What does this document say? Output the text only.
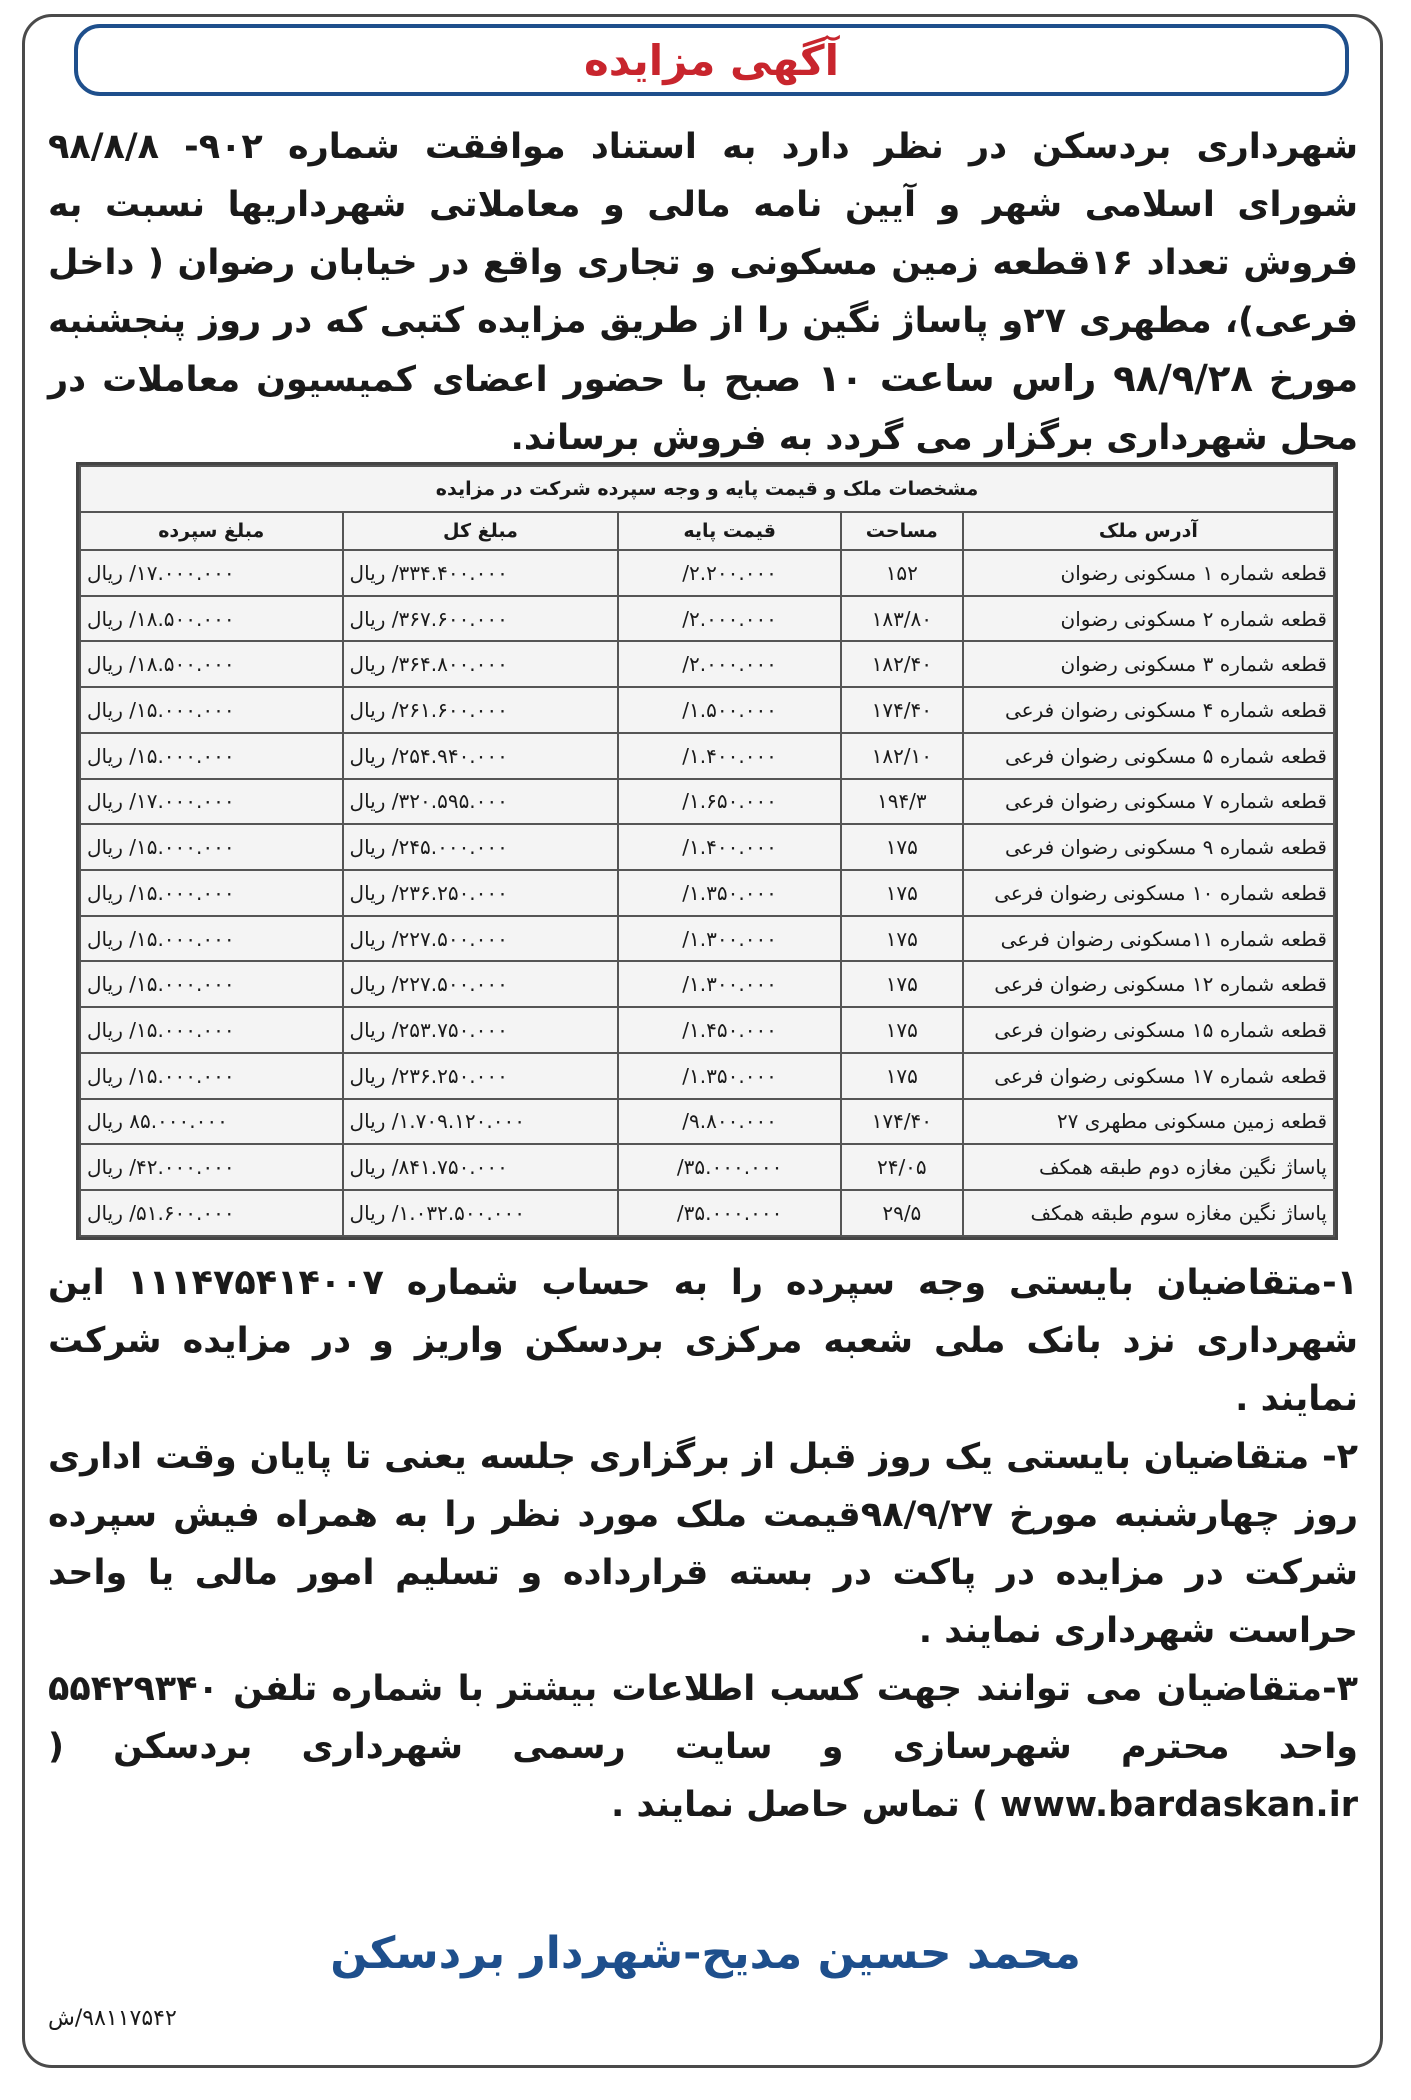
آگهی مزایده
شهرداری بردسکن در نظر دارد به استناد موافقت شماره ۹۰۲- ۹۸/۸/۸ شورای اسلامی شهر و آیین نامه مالی و معاملاتی شهرداریها نسبت به فروش تعداد ۱۶قطعه زمین مسکونی و تجاری واقع در خیابان رضوان ( داخل فرعی)، مطهری ۲۷و پاساژ نگین را از طریق مزایده کتبی که در روز پنجشنبه مورخ ۹۸/۹/۲۸ راس ساعت ۱۰ صبح با حضور اعضای کمیسیون معاملات در محل شهرداری برگزار می گردد به فروش برساند.
مشخصات ملک و قیمت پایه و وجه سپرده شرکت در مزایده				
آدرس ملک	مساحت	قیمت پایه	مبلغ کل	مبلغ سپرده
قطعه شماره ۱ مسکونی رضوان	۱۵۲	۲.۲۰۰.۰۰۰/	۳۳۴.۴۰۰.۰۰۰/ ریال	۱۷.۰۰۰.۰۰۰/ ریال
قطعه شماره ۲ مسکونی رضوان	۱۸۳/۸۰	۲.۰۰۰.۰۰۰/	۳۶۷.۶۰۰.۰۰۰/ ریال	۱۸.۵۰۰.۰۰۰/ ریال
قطعه شماره ۳ مسکونی رضوان	۱۸۲/۴۰	۲.۰۰۰.۰۰۰/	۳۶۴.۸۰۰.۰۰۰/ ریال	۱۸.۵۰۰.۰۰۰/ ریال
قطعه شماره ۴ مسکونی رضوان فرعی	۱۷۴/۴۰	۱.۵۰۰.۰۰۰/	۲۶۱.۶۰۰.۰۰۰/ ریال	۱۵.۰۰۰.۰۰۰/ ریال
قطعه شماره ۵ مسکونی رضوان فرعی	۱۸۲/۱۰	۱.۴۰۰.۰۰۰/	۲۵۴.۹۴۰.۰۰۰/ ریال	۱۵.۰۰۰.۰۰۰/ ریال
قطعه شماره ۷ مسکونی رضوان فرعی	۱۹۴/۳	۱.۶۵۰.۰۰۰/	۳۲۰.۵۹۵.۰۰۰/ ریال	۱۷.۰۰۰.۰۰۰/ ریال
قطعه شماره ۹ مسکونی رضوان فرعی	۱۷۵	۱.۴۰۰.۰۰۰/	۲۴۵.۰۰۰.۰۰۰/ ریال	۱۵.۰۰۰.۰۰۰/ ریال
قطعه شماره ۱۰ مسکونی رضوان فرعی	۱۷۵	۱.۳۵۰.۰۰۰/	۲۳۶.۲۵۰.۰۰۰/ ریال	۱۵.۰۰۰.۰۰۰/ ریال
قطعه شماره ۱۱مسکونی رضوان فرعی	۱۷۵	۱.۳۰۰.۰۰۰/	۲۲۷.۵۰۰.۰۰۰/ ریال	۱۵.۰۰۰.۰۰۰/ ریال
قطعه شماره ۱۲ مسکونی رضوان فرعی	۱۷۵	۱.۳۰۰.۰۰۰/	۲۲۷.۵۰۰.۰۰۰/ ریال	۱۵.۰۰۰.۰۰۰/ ریال
قطعه شماره ۱۵ مسکونی رضوان فرعی	۱۷۵	۱.۴۵۰.۰۰۰/	۲۵۳.۷۵۰.۰۰۰/ ریال	۱۵.۰۰۰.۰۰۰/ ریال
قطعه شماره ۱۷ مسکونی رضوان فرعی	۱۷۵	۱.۳۵۰.۰۰۰/	۲۳۶.۲۵۰.۰۰۰/ ریال	۱۵.۰۰۰.۰۰۰/ ریال
قطعه زمین مسکونی مطهری ۲۷	۱۷۴/۴۰	۹.۸۰۰.۰۰۰/	۱.۷۰۹.۱۲۰.۰۰۰/ ریال	۸۵.۰۰۰.۰۰۰ ریال
پاساژ نگین مغازه دوم طبقه همکف	۲۴/۰۵	۳۵.۰۰۰.۰۰۰/	۸۴۱.۷۵۰.۰۰۰/ ریال	۴۲.۰۰۰.۰۰۰/ ریال
پاساژ نگین مغازه سوم طبقه همکف	۲۹/۵	۳۵.۰۰۰.۰۰۰/	۱.۰۳۲.۵۰۰.۰۰۰/ ریال	۵۱.۶۰۰.۰۰۰/ ریال

۱-متقاضیان بایستی وجه سپرده را به حساب شماره ۱۱۱۴۷۵۴۱۴۰۰۷ این شهرداری نزد بانک ملی شعبه مرکزی بردسکن واریز و در مزایده شرکت نمایند .

۲- متقاضیان بایستی یک روز قبل از برگزاری جلسه یعنی تا پایان وقت اداری روز چهارشنبه مورخ ۹۸/۹/۲۷قیمت ملک مورد نظر را به همراه فیش سپرده شرکت در مزایده در پاکت در بسته قرارداده و تسلیم امور مالی یا واحد حراست شهرداری نمایند .

۳-متقاضیان می توانند جهت کسب اطلاعات بیشتر با شماره تلفن ۵۵۴۲۹۳۴۰ واحد محترم شهرسازی و سایت رسمی شهرداری بردسکن ( www.bardaskan.ir ) تماس حاصل نمایند .

محمد حسین مدیح-شهردار بردسکن
۹۸۱۱۷۵۴۲/ش
